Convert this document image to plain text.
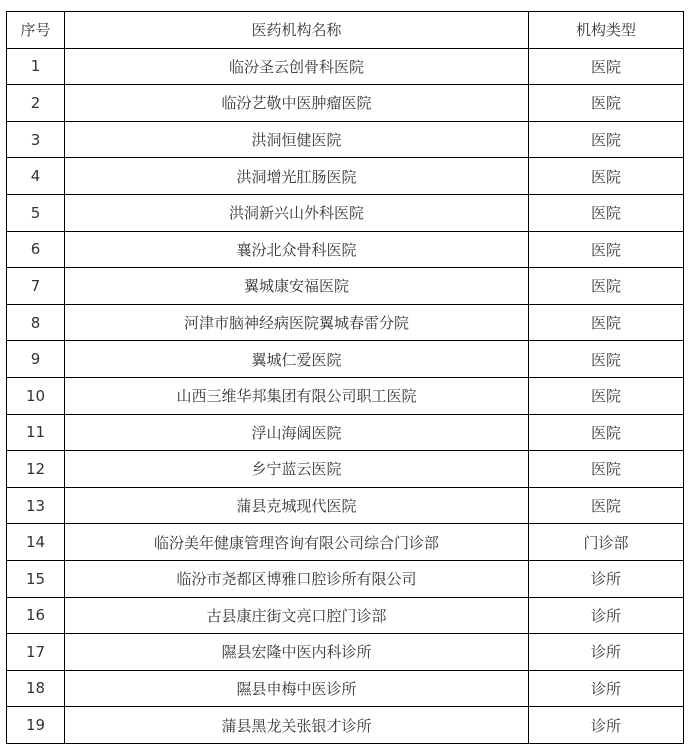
序号	医药机构名称	机构类型
1	临汾圣云创骨科医院	医院
2	临汾艺敬中医肿瘤医院	医院
3	洪洞恒健医院	医院
4	洪洞增光肛肠医院	医院
5	洪洞新兴山外科医院	医院
6	襄汾北众骨科医院	医院
7	翼城康安福医院	医院
8	河津市脑神经病医院翼城春雷分院	医院
9	翼城仁爱医院	医院
10	山西三维华邦集团有限公司职工医院	医院
11	浮山海阔医院	医院
12	乡宁蓝云医院	医院
13	蒲县克城现代医院	医院
14	临汾美年健康管理咨询有限公司综合门诊部	门诊部
15	临汾市尧都区博雅口腔诊所有限公司	诊所
16	古县康庄街文亮口腔门诊部	诊所
17	隰县宏隆中医内科诊所	诊所
18	隰县申梅中医诊所	诊所
19	蒲县黑龙关张银才诊所	诊所
